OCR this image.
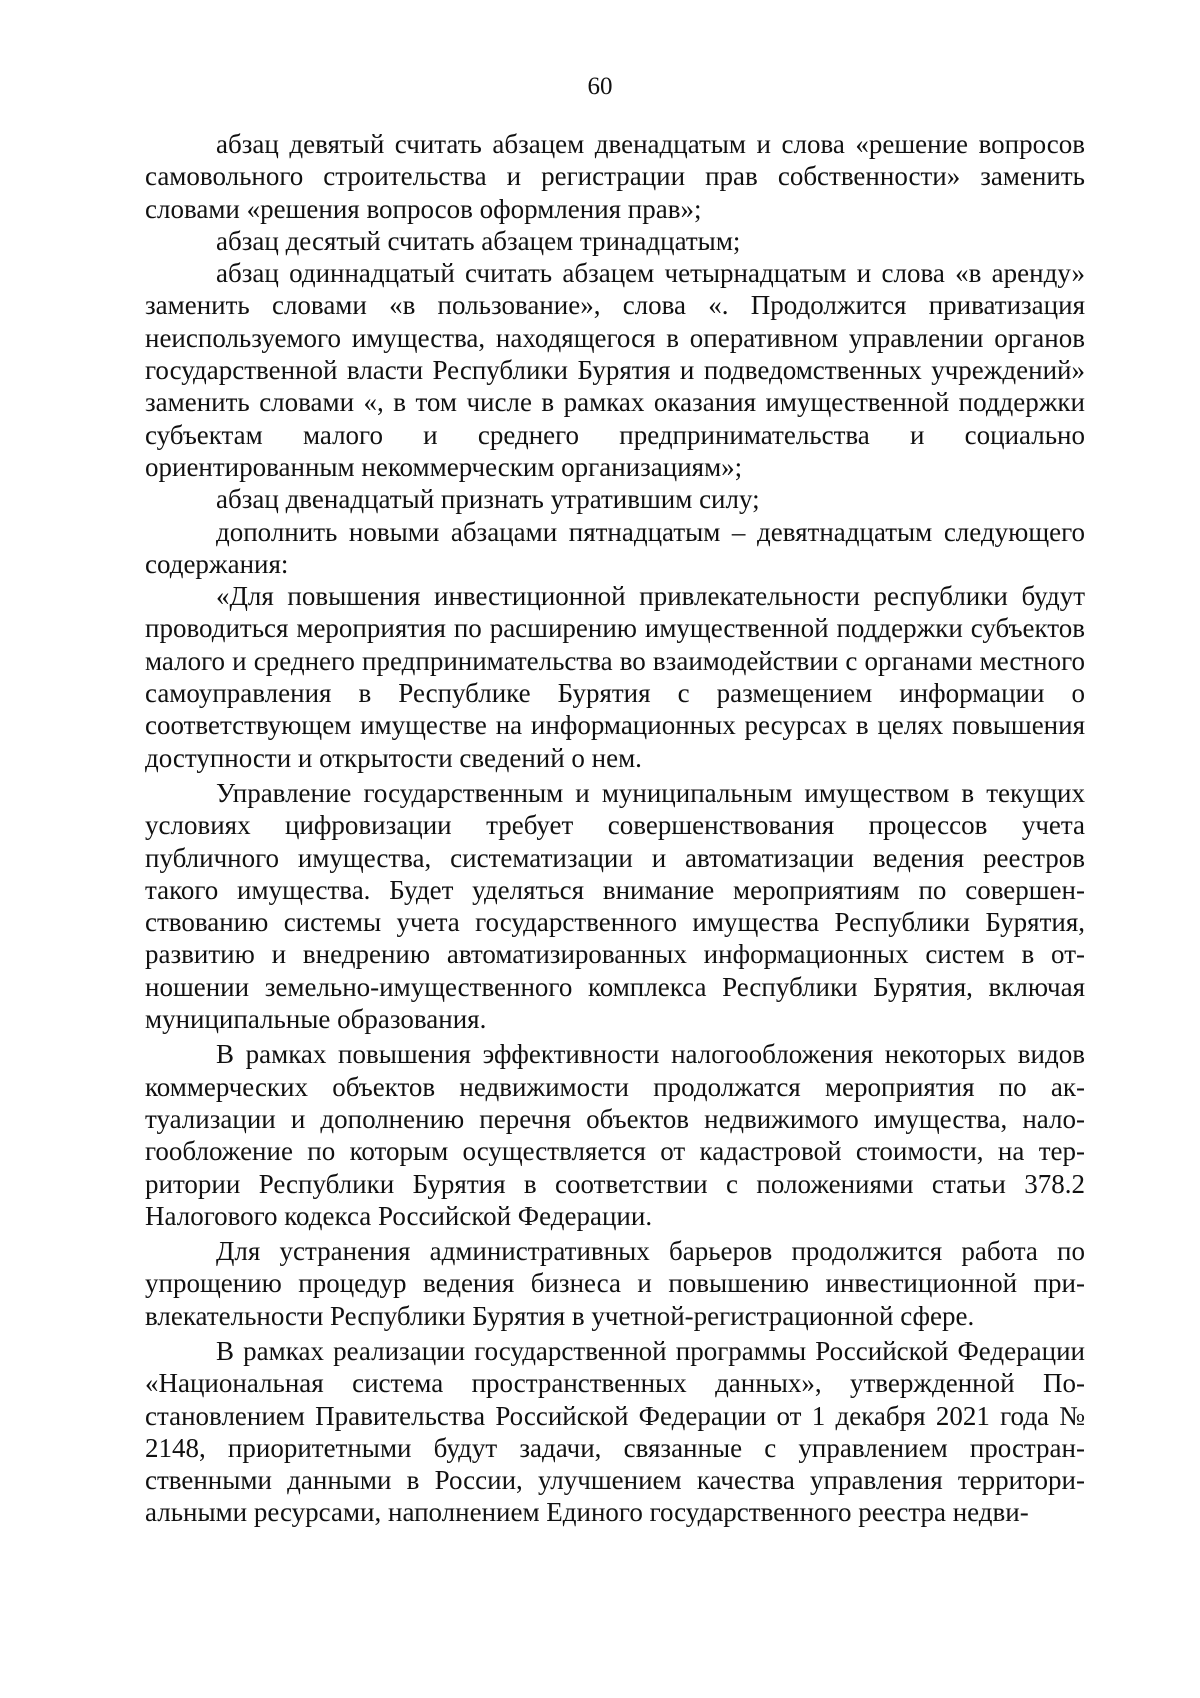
60

абзац девятый считать абзацем двенадцатым и слова «решение вопросов самовольного строительства и регистрации прав собственности» заменить словами «решения вопросов оформления прав»;

абзац десятый считать абзацем тринадцатым;

абзац одиннадцатый считать абзацем четырнадцатым и слова «в аренду» заменить словами «в пользование», слова «. Продолжится приватизация неиспользуемого имущества, находящегося в оперативном управлении органов государственной власти Республики Бурятия и подведомственных учреждений» заменить словами «, в том числе в рамках оказания имущественной поддержки субъектам малого и среднего предпринимательства и социально ориентированным некоммерческим организациям»;

абзац двенадцатый признать утратившим силу;

дополнить новыми абзацами пятнадцатым – девятнадцатым следующего содержания:

«Для повышения инвестиционной привлекательности республики будут проводиться мероприятия по расширению имущественной поддержки субъектов малого и среднего предпринимательства во взаимодействии с органами местного самоуправления в Республике Бурятия с размещением информации о соответствующем имуществе на информационных ресурсах в целях повышения доступности и открытости сведений о нем.

Управление государственным и муниципальным имуществом в текущих условиях цифровизации требует совершенствования процессов учета публичного имущества, систематизации и автоматизации ведения реестров такого имущества. Будет уделяться внимание мероприятиям по совершенствованию системы учета государственного имущества Республики Бурятия, развитию и внедрению автоматизированных информационных систем в отношении земельно-имущественного комплекса Республики Бурятия, включая муниципальные образования.

В рамках повышения эффективности налогообложения некоторых видов коммерческих объектов недвижимости продолжатся мероприятия по актуализации и дополнению перечня объектов недвижимого имущества, налогообложение по которым осуществляется от кадастровой стоимости, на территории Республики Бурятия в соответствии с положениями статьи 378.2 Налогового кодекса Российской Федерации.

Для устранения административных барьеров продолжится работа по упрощению процедур ведения бизнеса и повышению инвестиционной привлекательности Республики Бурятия в учетной-регистрационной сфере.

В рамках реализации государственной программы Российской Федерации «Национальная система пространственных данных», утвержденной Постановлением Правительства Российской Федерации от 1 декабря 2021 года № 2148, приоритетными будут задачи, связанные с управлением пространственными данными в России, улучшением качества управления территориальными ресурсами, наполнением Единого государственного реестра недви-
